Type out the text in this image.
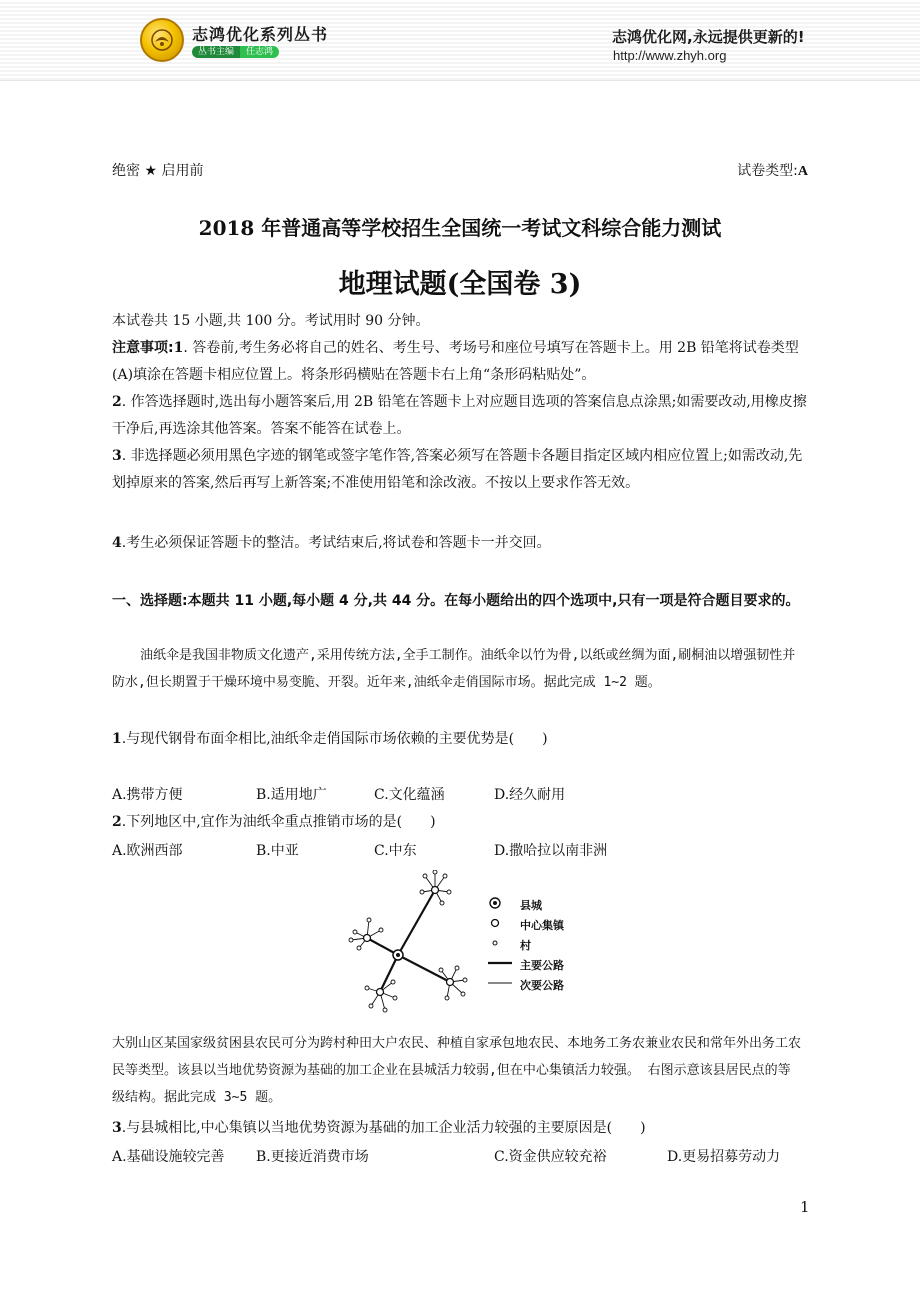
志鸿优化系列丛书
丛书主编	任志鸿
志鸿优化网,永远提供更新的!
http://www.zhyh.org
绝密 ★ 启用前	试卷类型:A
2018 年普通高等学校招生全国统一考试文科综合能力测试
地理试题(全国卷 3)
本试卷共 15 小题,共 100 分。考试用时 90 分钟。
注意事项:1. 答卷前,考生务必将自己的姓名、考生号、考场号和座位号填写在答题卡上。用 2B 铅笔将试卷类型(A)填涂在答题卡相应位置上。将条形码横贴在答题卡右上角“条形码粘贴处”。
2. 作答选择题时,选出每小题答案后,用 2B 铅笔在答题卡上对应题目选项的答案信息点涂黑;如需要改动,用橡皮擦干净后,再选涂其他答案。答案不能答在试卷上。
3. 非选择题必须用黑色字迹的钢笔或签字笔作答,答案必须写在答题卡各题目指定区域内相应位置上;如需改动,先划掉原来的答案,然后再写上新答案;不准使用铅笔和涂改液。不按以上要求作答无效。
4.考生必须保证答题卡的整洁。考试结束后,将试卷和答题卡一并交回。
一、选择题:本题共 11 小题,每小题 4 分,共 44 分。在每小题给出的四个选项中,只有一项是符合题目要求的。
油纸伞是我国非物质文化遗产,采用传统方法,全手工制作。油纸伞以竹为骨,以纸或丝绸为面,刷桐油以增强韧性并防水,但长期置于干燥环境中易变脆、开裂。近年来,油纸伞走俏国际市场。据此完成 1~2 题。
1.与现代钢骨布面伞相比,油纸伞走俏国际市场依赖的主要优势是(　　)
A.携带方便	B.适用地广	C.文化蕴涵	D.经久耐用
2.下列地区中,宜作为油纸伞重点推销市场的是(　　)
A.欧洲西部	B.中亚	C.中东	D.撒哈拉以南非洲
县城
中心集镇
村
主要公路
次要公路
大别山区某国家级贫困县农民可分为跨村种田大户农民、种植自家承包地农民、本地务工务农兼业农民和常年外出务工农民等类型。该县以当地优势资源为基础的加工企业在县城活力较弱,但在中心集镇活力较强。 右图示意该县居民点的等级结构。据此完成 3~5 题。
3.与县城相比,中心集镇以当地优势资源为基础的加工企业活力较强的主要原因是(　　)
A.基础设施较完善 B.更接近消费市场	C.资金供应较充裕	D.更易招募劳动力
1
